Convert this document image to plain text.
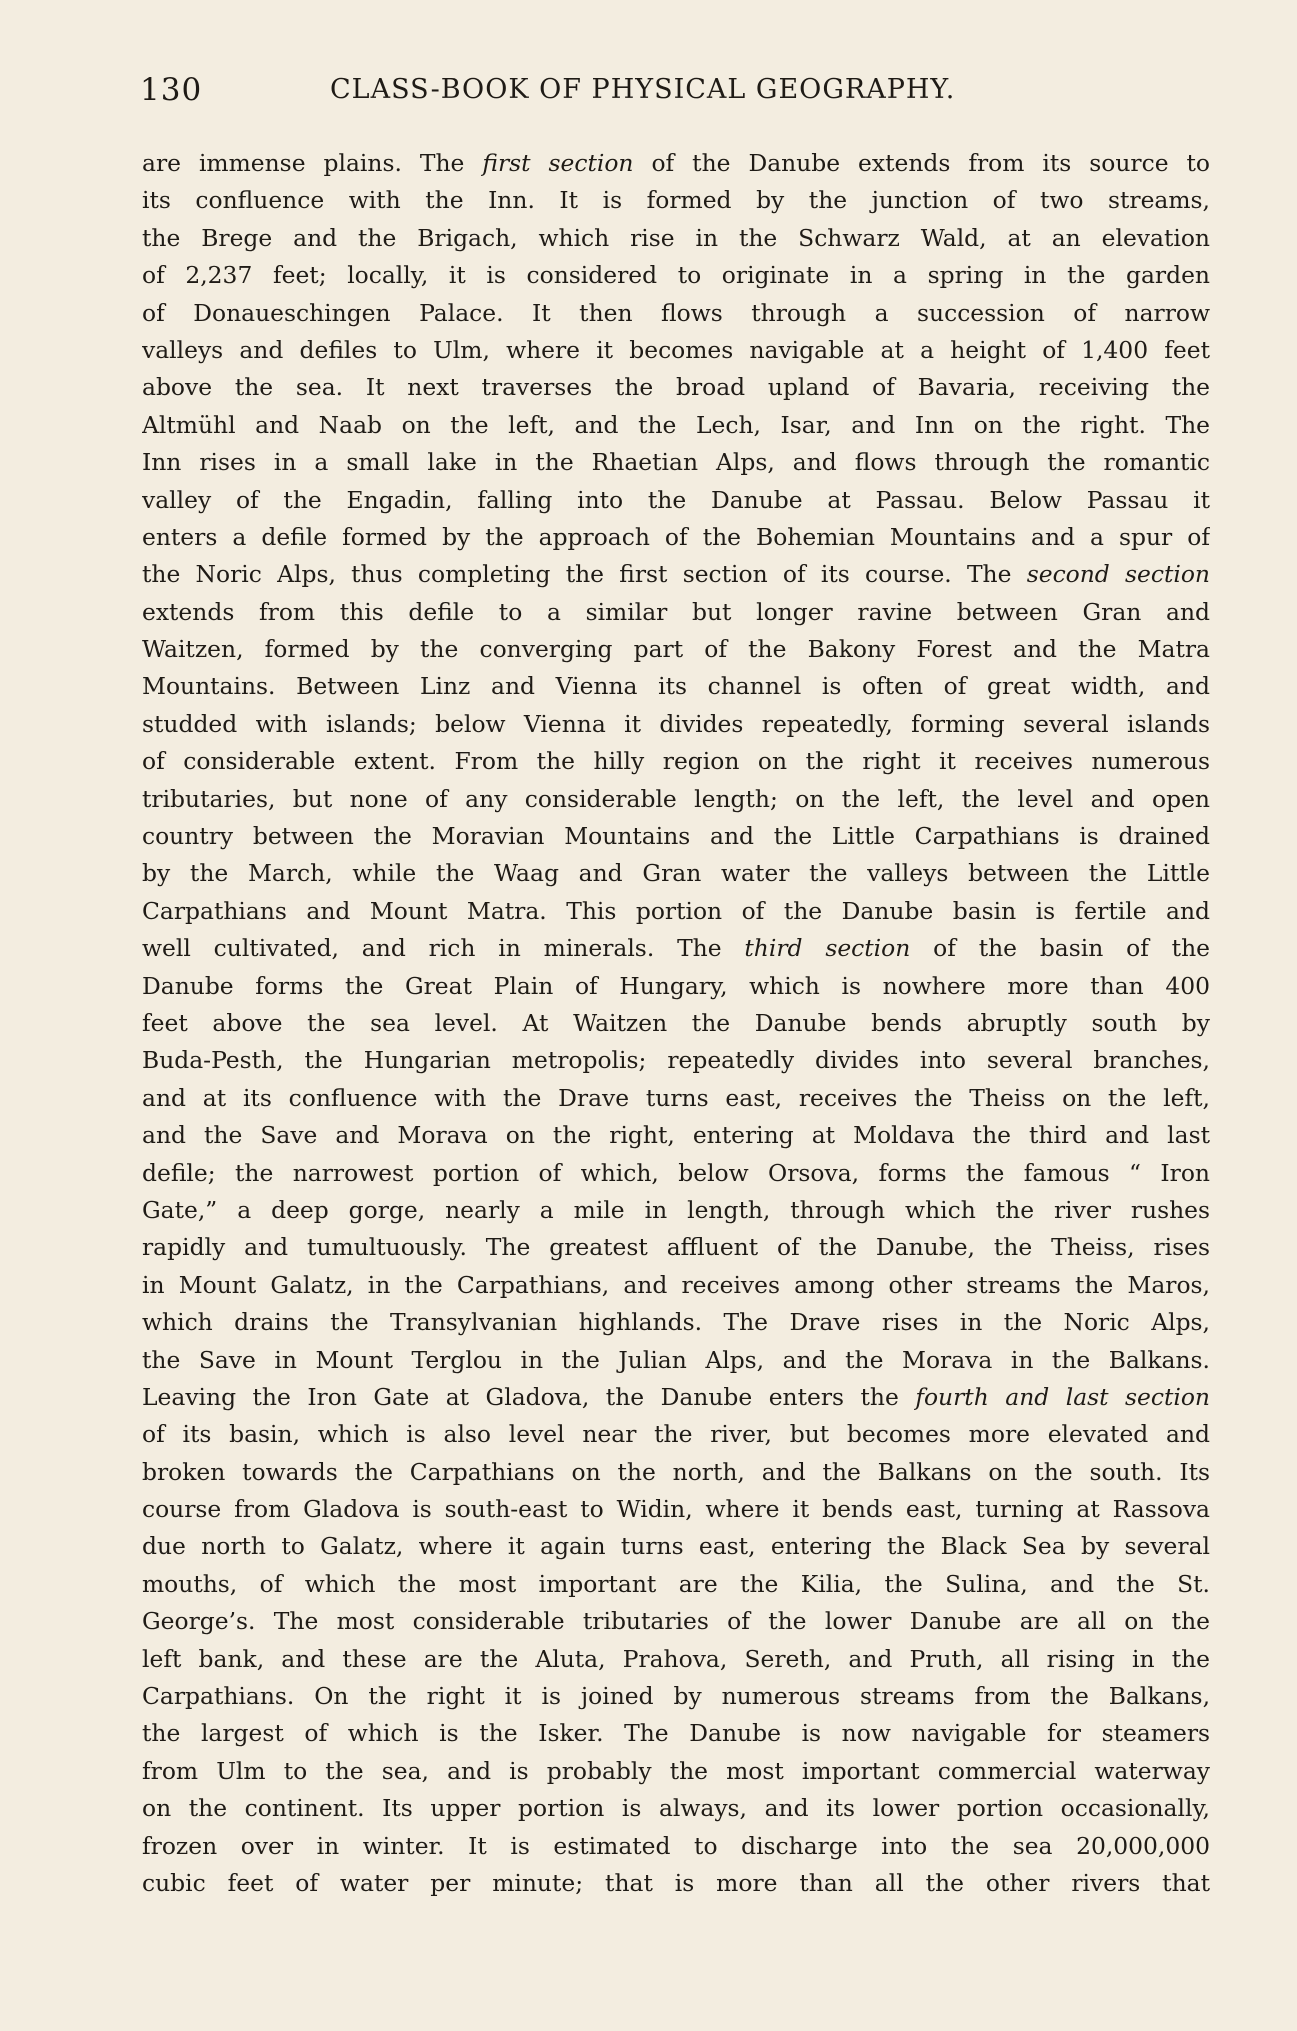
130	CLASS-BOOK OF PHYSICAL GEOGRAPHY.
are immense plains. The first section of the Danube extends from its source to
its confluence with the Inn. It is formed by the junction of two streams,
the Brege and the Brigach, which rise in the Schwarz Wald, at an elevation
of 2,237 feet; locally, it is considered to originate in a spring in the garden
of Donaueschingen Palace. It then flows through a succession of narrow
valleys and defiles to Ulm, where it becomes navigable at a height of 1,400 feet
above the sea. It next traverses the broad upland of Bavaria, receiving the
Altmühl and Naab on the left, and the Lech, Isar, and Inn on the right. The
Inn rises in a small lake in the Rhaetian Alps, and flows through the romantic
valley of the Engadin, falling into the Danube at Passau. Below Passau it
enters a defile formed by the approach of the Bohemian Mountains and a spur of
the Noric Alps, thus completing the first section of its course. The second section
extends from this defile to a similar but longer ravine between Gran and
Waitzen, formed by the converging part of the Bakony Forest and the Matra
Mountains. Between Linz and Vienna its channel is often of great width, and
studded with islands; below Vienna it divides repeatedly, forming several islands
of considerable extent. From the hilly region on the right it receives numerous
tributaries, but none of any considerable length; on the left, the level and open
country between the Moravian Mountains and the Little Carpathians is drained
by the March, while the Waag and Gran water the valleys between the Little
Carpathians and Mount Matra. This portion of the Danube basin is fertile and
well cultivated, and rich in minerals. The third section of the basin of the
Danube forms the Great Plain of Hungary, which is nowhere more than 400
feet above the sea level. At Waitzen the Danube bends abruptly south by
Buda-Pesth, the Hungarian metropolis; repeatedly divides into several branches,
and at its confluence with the Drave turns east, receives the Theiss on the left,
and the Save and Morava on the right, entering at Moldava the third and last
defile; the narrowest portion of which, below Orsova, forms the famous “ Iron
Gate,” a deep gorge, nearly a mile in length, through which the river rushes
rapidly and tumultuously. The greatest affluent of the Danube, the Theiss, rises
in Mount Galatz, in the Carpathians, and receives among other streams the Maros,
which drains the Transylvanian highlands. The Drave rises in the Noric Alps,
the Save in Mount Terglou in the Julian Alps, and the Morava in the Balkans.
Leaving the Iron Gate at Gladova, the Danube enters the fourth and last section
of its basin, which is also level near the river, but becomes more elevated and
broken towards the Carpathians on the north, and the Balkans on the south. Its
course from Gladova is south-east to Widin, where it bends east, turning at Rassova
due north to Galatz, where it again turns east, entering the Black Sea by several
mouths, of which the most important are the Kilia, the Sulina, and the St.
George’s. The most considerable tributaries of the lower Danube are all on the
left bank, and these are the Aluta, Prahova, Sereth, and Pruth, all rising in the
Carpathians. On the right it is joined by numerous streams from the Balkans,
the largest of which is the Isker. The Danube is now navigable for steamers
from Ulm to the sea, and is probably the most important commercial waterway
on the continent. Its upper portion is always, and its lower portion occasionally,
frozen over in winter. It is estimated to discharge into the sea 20,000,000
cubic feet of water per minute; that is more than all the other rivers that
